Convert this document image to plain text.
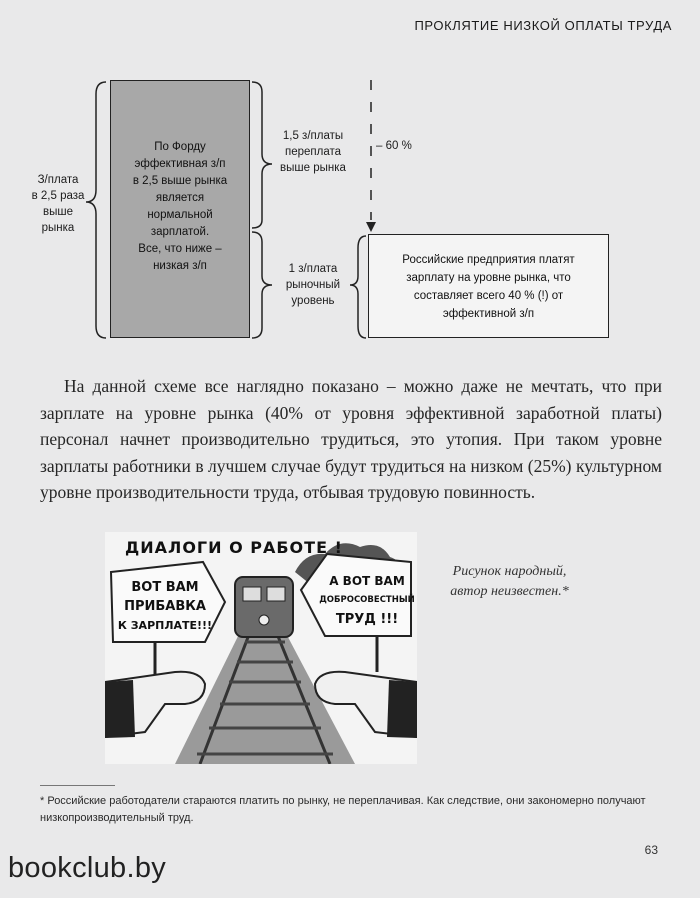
ПРОКЛЯТИЕ НИЗКОЙ ОПЛАТЫ ТРУДА
З/плата
в 2,5 раза
выше
рынка
По Форду
эффективная з/п
в 2,5 выше рынка
является
нормальной
зарплатой.
Все, что ниже –
низкая з/п
1,5 з/платы
переплата
выше рынка
1 з/плата
рыночный
уровень
– 60 %
Российские предприятия платят
зарплату на уровне рынка, что
составляет всего 40 % (!) от
эффективной з/п

На данной схеме все наглядно показано – можно даже не мечтать, что при зарплате на уровне рынка (40% от уровня эффективной заработной платы) персонал начнет производительно трудиться, это утопия. При таком уровне зарплаты работники в лучшем случае будут трудиться на низком (25%) культурном уровне производительности труда, отбывая трудовую повинность.

ДИАЛОГИ О РАБОТЕ !
ВОТ ВАМ
ПРИБАВКА
К ЗАРПЛАТЕ!!!
А ВОТ ВАМ
ДОБРОСОВЕСТНЫЙ
ТРУД !!!
Рисунок народный,
автор неизвестен.*
* Российские работодатели стараются платить по рынку, не переплачивая. Как следствие, они закономерно получают низкопроизводительный труд.
63
bookclub.by
